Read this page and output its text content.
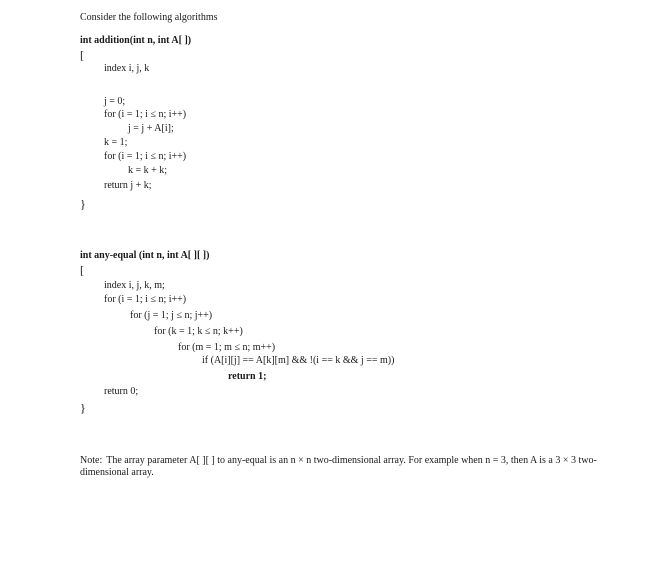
Consider the following algorithms
int addition(int n, int A[ ])
[
index i, j, k
j = 0;
for (i = 1; i ≤ n; i++)
j = j + A[i];
k = 1;
for (i = 1; i ≤ n; i++)
k = k + k;
return j + k;
}
int any-equal (int n, int A[ ][ ])
[
index i, j, k, m;
for (i = 1; i ≤ n; i++)
for (j = 1; j ≤ n; j++)
for (k = 1; k ≤ n; k++)
for (m = 1; m ≤ n; m++)
if (A[i][j] == A[k][m] && !(i == k && j == m))
return 1;
return 0;
}
Note: The array parameter A[ ][ ] to any-equal is an n × n two-dimensional array. For example when n = 3, then A is a 3 × 3 two-dimensional array.
